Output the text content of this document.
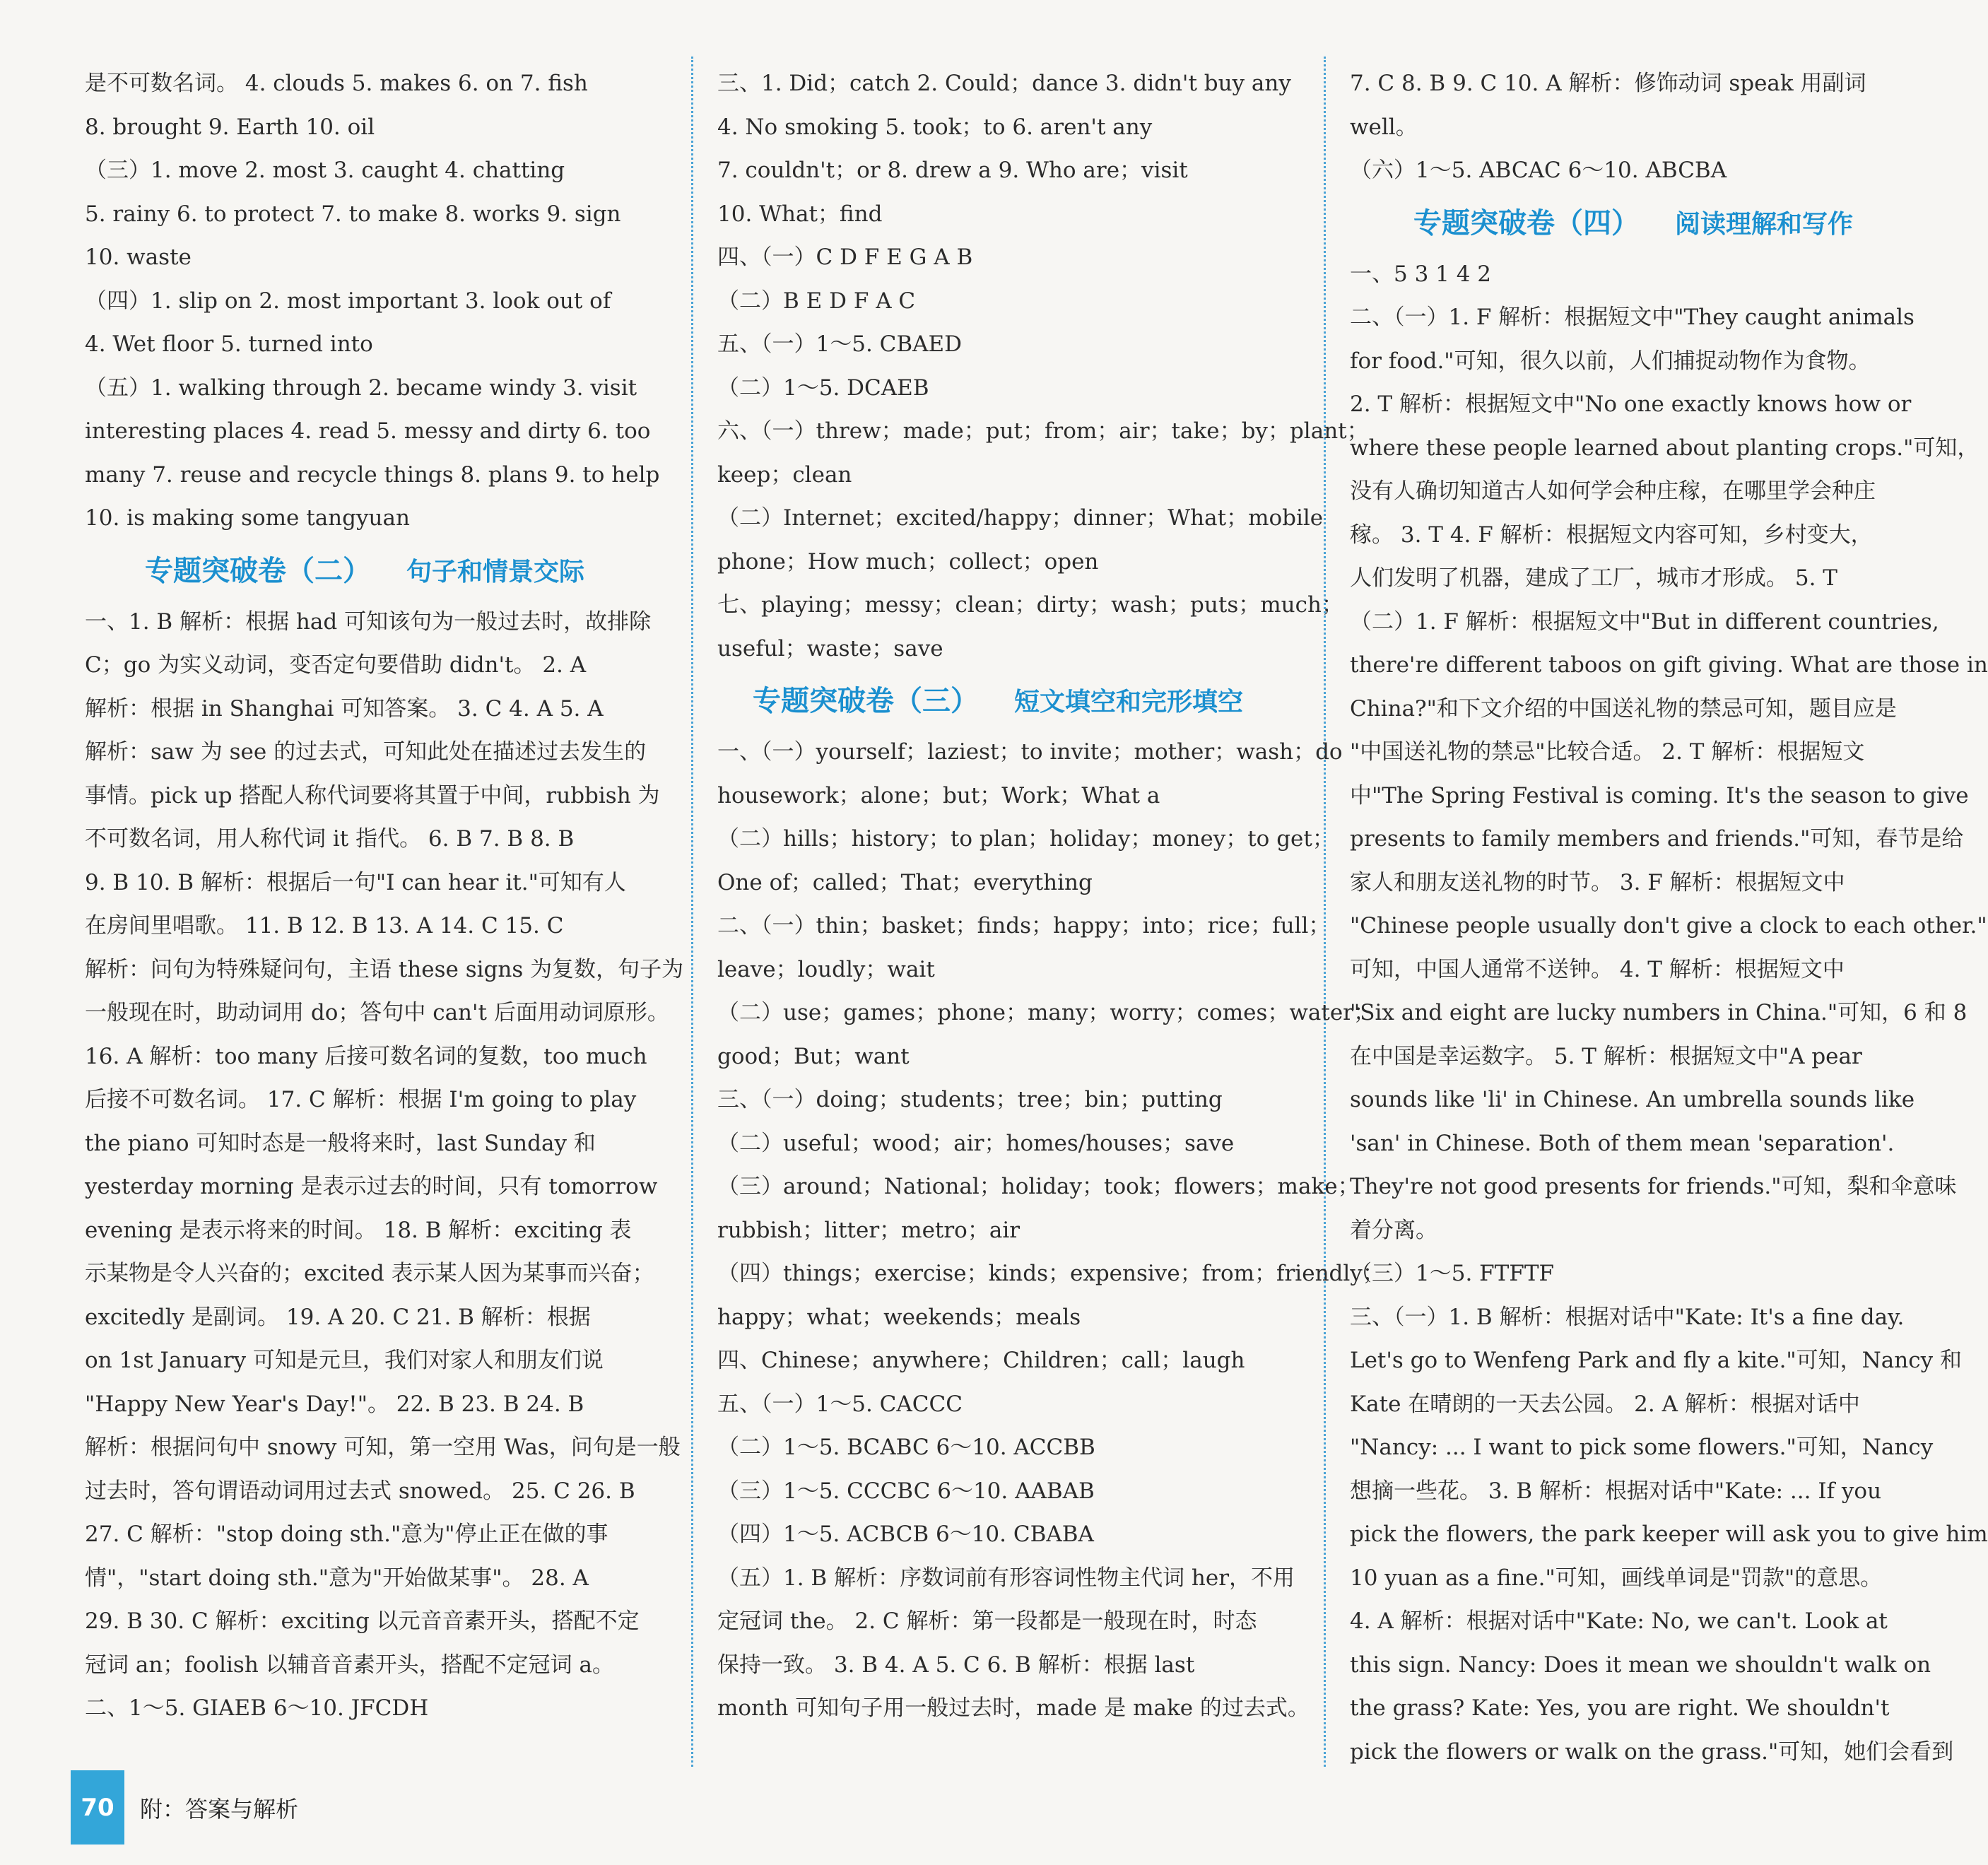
是不可数名词。 4. clouds 5. makes 6. on 7. fish

8. brought 9. Earth 10. oil

（三）1. move 2. most 3. caught 4. chatting

5. rainy 6. to protect 7. to make 8. works 9. sign

10. waste

（四）1. slip on 2. most important 3. look out of

4. Wet floor 5. turned into

（五）1. walking through 2. became windy 3. visit

interesting places 4. read 5. messy and dirty 6. too

many 7. reuse and recycle things 8. plans 9. to help

10. is making some tangyuan

专题突破卷（二） 句子和情景交际

一、1. B 解析：根据 had 可知该句为一般过去时，故排除

C；go 为实义动词，变否定句要借助 didn't。 2. A

解析：根据 in Shanghai 可知答案。 3. C 4. A 5. A

解析：saw 为 see 的过去式，可知此处在描述过去发生的

事情。pick up 搭配人称代词要将其置于中间，rubbish 为

不可数名词，用人称代词 it 指代。 6. B 7. B 8. B

9. B 10. B 解析：根据后一句"I can hear it."可知有人

在房间里唱歌。 11. B 12. B 13. A 14. C 15. C

解析：问句为特殊疑问句，主语 these signs 为复数，句子为

一般现在时，助动词用 do；答句中 can't 后面用动词原形。

16. A 解析：too many 后接可数名词的复数，too much

后接不可数名词。 17. C 解析：根据 I'm going to play

the piano 可知时态是一般将来时，last Sunday 和

yesterday morning 是表示过去的时间，只有 tomorrow

evening 是表示将来的时间。 18. B 解析：exciting 表

示某物是令人兴奋的；excited 表示某人因为某事而兴奋；

excitedly 是副词。 19. A 20. C 21. B 解析：根据

on 1st January 可知是元旦，我们对家人和朋友们说

"Happy New Year's Day!"。 22. B 23. B 24. B

解析：根据问句中 snowy 可知，第一空用 Was，问句是一般

过去时，答句谓语动词用过去式 snowed。 25. C 26. B

27. C 解析："stop doing sth."意为"停止正在做的事

情"，"start doing sth."意为"开始做某事"。 28. A

29. B 30. C 解析：exciting 以元音音素开头，搭配不定

冠词 an；foolish 以辅音音素开头，搭配不定冠词 a。

二、1～5. GIAEB 6～10. JFCDH

三、1. Did；catch 2. Could；dance 3. didn't buy any

4. No smoking 5. took；to 6. aren't any

7. couldn't；or 8. drew a 9. Who are；visit

10. What；find

四、（一）C D F E G A B

（二）B E D F A C

五、（一）1～5. CBAED

（二）1～5. DCAEB

六、（一）threw；made；put；from；air；take；by；plant；

keep；clean

（二）Internet；excited/happy；dinner；What；mobile

phone；How much；collect；open

七、playing；messy；clean；dirty；wash；puts；much；

useful；waste；save

专题突破卷（三） 短文填空和完形填空

一、（一）yourself；laziest；to invite；mother；wash；do

housework；alone；but；Work；What a

（二）hills；history；to plan；holiday；money；to get；

One of；called；That；everything

二、（一）thin；basket；finds；happy；into；rice；full；

leave；loudly；wait

（二）use；games；phone；many；worry；comes；water；

good；But；want

三、（一）doing；students；tree；bin；putting

（二）useful；wood；air；homes/houses；save

（三）around；National；holiday；took；flowers；make；

rubbish；litter；metro；air

（四）things；exercise；kinds；expensive；from；friendly；

happy；what；weekends；meals

四、Chinese；anywhere；Children；call；laugh

五、（一）1～5. CACCC

（二）1～5. BCABC 6～10. ACCBB

（三）1～5. CCCBC 6～10. AABAB

（四）1～5. ACBCB 6～10. CBABA

（五）1. B 解析：序数词前有形容词性物主代词 her，不用

定冠词 the。 2. C 解析：第一段都是一般现在时，时态

保持一致。 3. B 4. A 5. C 6. B 解析：根据 last

month 可知句子用一般过去时，made 是 make 的过去式。

7. C 8. B 9. C 10. A 解析：修饰动词 speak 用副词

well。

（六）1～5. ABCAC 6～10. ABCBA

专题突破卷（四） 阅读理解和写作

一、5 3 1 4 2

二、（一）1. F 解析：根据短文中"They caught animals

for food."可知，很久以前，人们捕捉动物作为食物。

2. T 解析：根据短文中"No one exactly knows how or

where these people learned about planting crops."可知，

没有人确切知道古人如何学会种庄稼，在哪里学会种庄

稼。 3. T 4. F 解析：根据短文内容可知，乡村变大，

人们发明了机器，建成了工厂，城市才形成。 5. T

（二）1. F 解析：根据短文中"But in different countries,

there're different taboos on gift giving. What are those in

China?"和下文介绍的中国送礼物的禁忌可知，题目应是

"中国送礼物的禁忌"比较合适。 2. T 解析：根据短文

中"The Spring Festival is coming. It's the season to give

presents to family members and friends."可知，春节是给

家人和朋友送礼物的时节。 3. F 解析：根据短文中

"Chinese people usually don't give a clock to each other."

可知，中国人通常不送钟。 4. T 解析：根据短文中

"Six and eight are lucky numbers in China."可知，6 和 8

在中国是幸运数字。 5. T 解析：根据短文中"A pear

sounds like 'li' in Chinese. An umbrella sounds like

'san' in Chinese. Both of them mean 'separation'.

They're not good presents for friends."可知，梨和伞意味

着分离。

（三）1～5. FTFTF

三、（一）1. B 解析：根据对话中"Kate: It's a fine day.

Let's go to Wenfeng Park and fly a kite."可知，Nancy 和

Kate 在晴朗的一天去公园。 2. A 解析：根据对话中

"Nancy: ... I want to pick some flowers."可知，Nancy

想摘一些花。 3. B 解析：根据对话中"Kate: ... If you

pick the flowers, the park keeper will ask you to give him

10 yuan as a fine."可知，画线单词是"罚款"的意思。

4. A 解析：根据对话中"Kate: No, we can't. Look at

this sign. Nancy: Does it mean we shouldn't walk on

the grass? Kate: Yes, you are right. We shouldn't

pick the flowers or walk on the grass."可知，她们会看到

70	附：答案与解析
